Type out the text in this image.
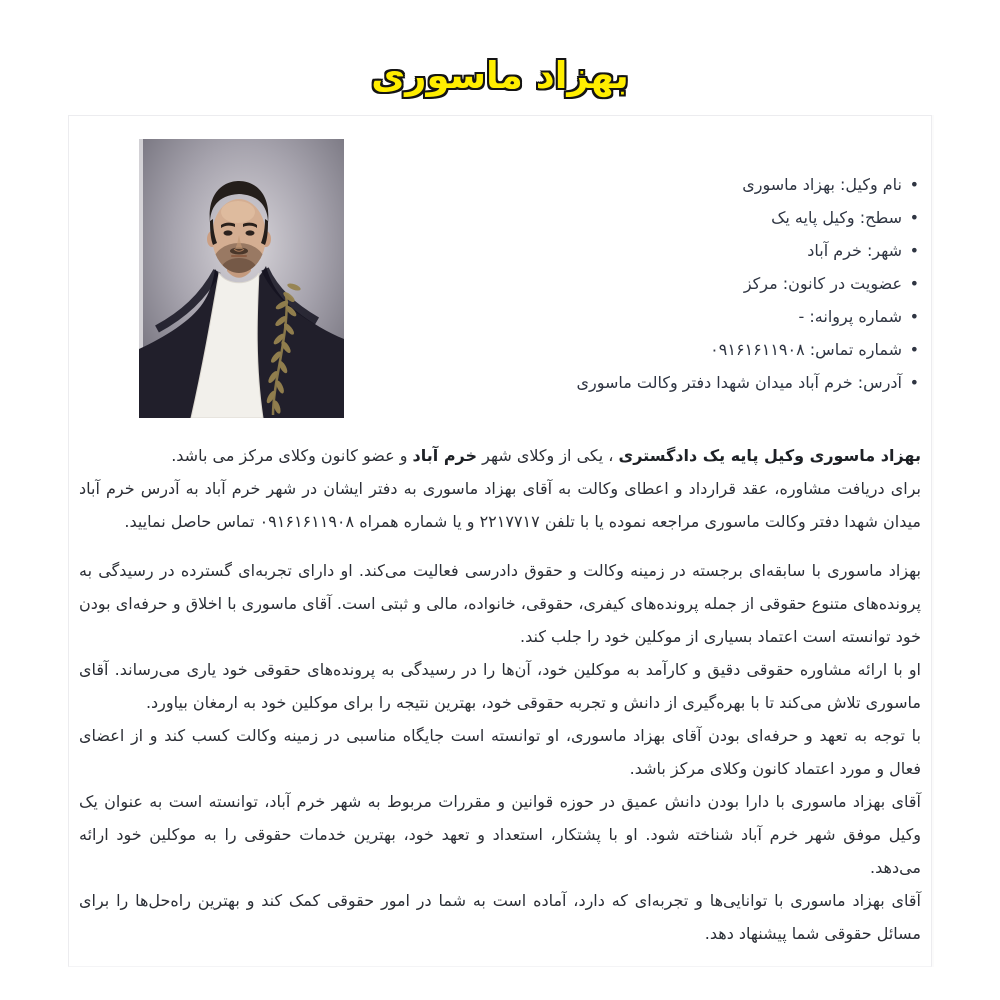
بهزاد ماسوری
• نام وکیل: بهزاد ماسوری
• سطح: وکیل پایه یک
• شهر: خرم آباد
• عضویت در کانون: مرکز
• شماره پروانه: -
• شماره تماس: ۰۹۱۶۱۶۱۱۹۰۸
• آدرس: خرم آباد میدان شهدا دفتر وکالت ماسوری

بهزاد ماسوری وکیل پایه یک دادگستری ، یکی از وکلای شهر خرم آباد و عضو کانون وکلای مرکز می باشد.

برای دریافت مشاوره، عقد قرارداد و اعطای وکالت به آقای بهزاد ماسوری به دفتر ایشان در شهر خرم آباد به آدرس خرم آباد میدان شهدا دفتر وکالت ماسوری مراجعه نموده یا با تلفن ۲۲۱۷۷۱۷ و یا شماره همراه ۰۹۱۶۱۶۱۱۹۰۸ تماس حاصل نمایید.

بهزاد ماسوری با سابقه‌ای برجسته در زمینه وکالت و حقوق دادرسی فعالیت می‌کند. او دارای تجربه‌ای گسترده در رسیدگی به پرونده‌های متنوع حقوقی از جمله پرونده‌های کیفری، حقوقی، خانواده، مالی و ثبتی است. آقای ماسوری با اخلاق و حرفه‌ای بودن خود توانسته است اعتماد بسیاری از موکلین خود را جلب کند.

او با ارائه مشاوره حقوقی دقیق و کارآمد به موکلین خود، آن‌ها را در رسیدگی به پرونده‌های حقوقی خود یاری می‌رساند. آقای ماسوری تلاش می‌کند تا با بهره‌گیری از دانش و تجربه حقوقی خود، بهترین نتیجه را برای موکلین خود به ارمغان بیاورد.

با توجه به تعهد و حرفه‌ای بودن آقای بهزاد ماسوری، او توانسته است جایگاه مناسبی در زمینه وکالت کسب کند و از اعضای فعال و مورد اعتماد کانون وکلای مرکز باشد.

آقای بهزاد ماسوری با دارا بودن دانش عمیق در حوزه قوانین و مقررات مربوط به شهر خرم آباد، توانسته است به عنوان یک وکیل موفق شهر خرم آباد شناخته شود. او با پشتکار، استعداد و تعهد خود، بهترین خدمات حقوقی را به موکلین خود ارائه می‌دهد.

آقای بهزاد ماسوری با توانایی‌ها و تجربه‌ای که دارد، آماده است به شما در امور حقوقی کمک کند و بهترین راه‌حل‌ها را برای مسائل حقوقی شما پیشنهاد دهد.
